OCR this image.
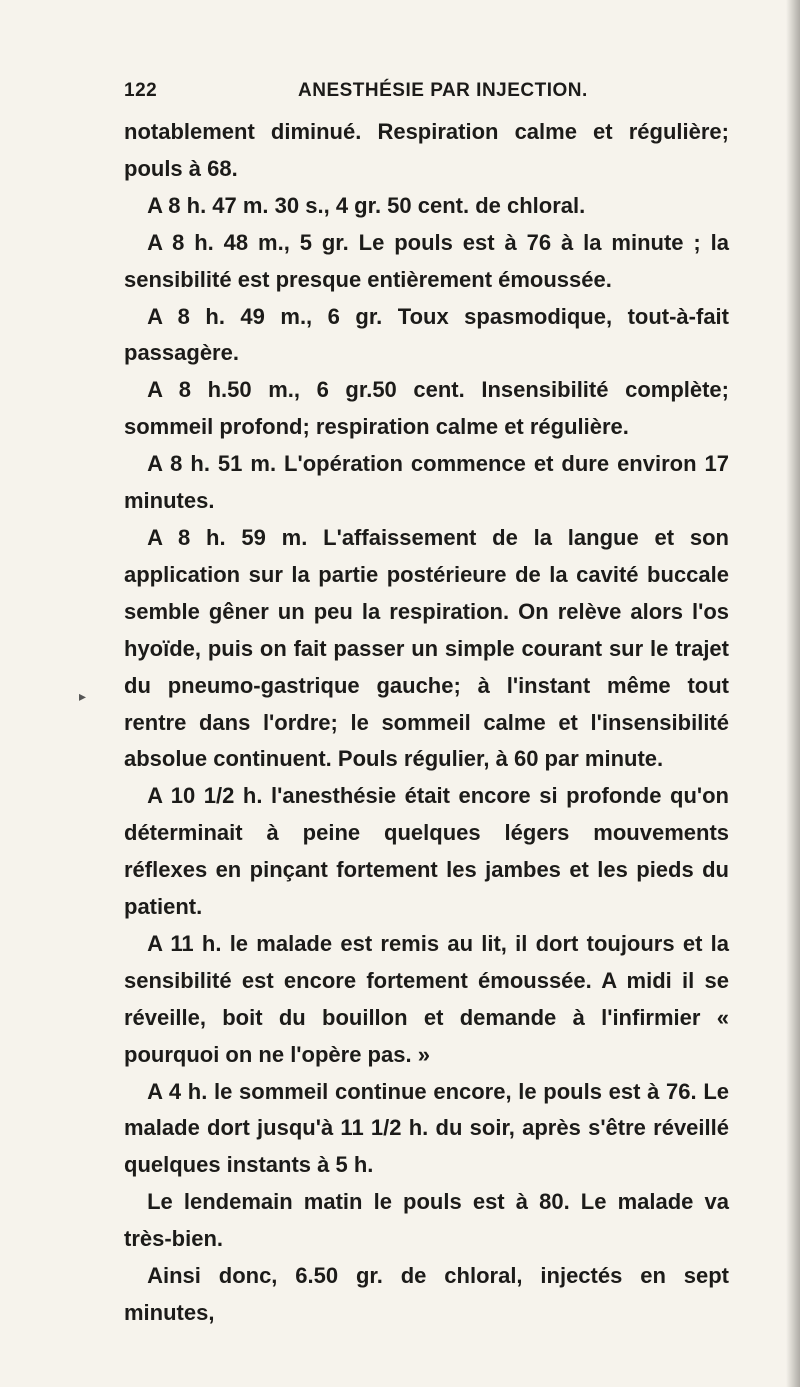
122	ANESTHÉSIE PAR INJECTION.
▸

notablement diminué. Respiration calme et régulière; pouls à 68.

A 8 h. 47 m. 30 s., 4 gr. 50 cent. de chloral.

A 8 h. 48 m., 5 gr. Le pouls est à 76 à la minute ; la sensibilité est presque entièrement émoussée.

A 8 h. 49 m., 6 gr. Toux spasmodique, tout-à-fait passagère.

A 8 h.50 m., 6 gr.50 cent. Insensibilité complète; sommeil profond; respiration calme et régulière.

A 8 h. 51 m. L'opération commence et dure environ 17 minutes.

A 8 h. 59 m. L'affaissement de la langue et son application sur la partie postérieure de la cavité buccale semble gêner un peu la respiration. On relève alors l'os hyoïde, puis on fait passer un simple courant sur le trajet du pneumo-gastrique gauche; à l'instant même tout rentre dans l'ordre; le sommeil calme et l'insensibilité absolue continuent. Pouls régulier, à 60 par minute.

A 10 1/2 h. l'anesthésie était encore si profonde qu'on déterminait à peine quelques légers mouvements réflexes en pinçant fortement les jambes et les pieds du patient.

A 11 h. le malade est remis au lit, il dort toujours et la sensibilité est encore fortement émoussée. A midi il se réveille, boit du bouillon et demande à l'infirmier « pourquoi on ne l'opère pas. »

A 4 h. le sommeil continue encore, le pouls est à 76. Le malade dort jusqu'à 11 1/2 h. du soir, après s'être réveillé quelques instants à 5 h.

Le lendemain matin le pouls est à 80. Le malade va très-bien.

Ainsi donc, 6.50 gr. de chloral, injectés en sept minutes,
